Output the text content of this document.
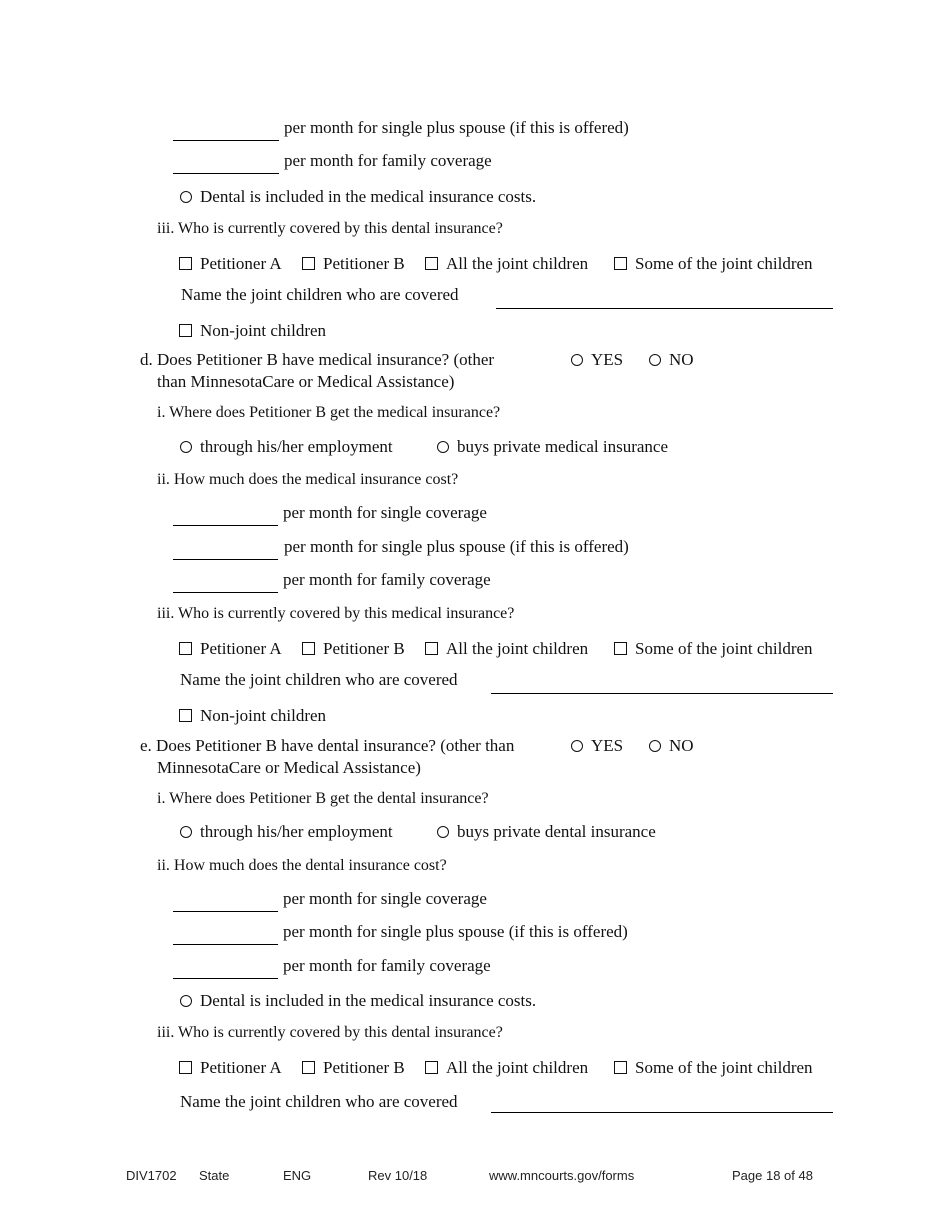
per month for single plus spouse (if this is offered)
per month for family coverage
Dental is included in the medical insurance costs.
iii. Who is currently covered by this dental insurance?
Petitioner A	Petitioner B	All the joint children	Some of the joint children
Name the joint children who are covered
Non-joint children
d. Does Petitioner B have medical insurance? (other
than MinnesotaCare or Medical Assistance)
YES	NO
i. Where does Petitioner B get the medical insurance?
through his/her employment	buys private medical insurance
ii. How much does the medical insurance cost?
per month for single coverage
per month for single plus spouse (if this is offered)
per month for family coverage
iii. Who is currently covered by this medical insurance?
Petitioner A	Petitioner B	All the joint children	Some of the joint children
Name the joint children who are covered
Non-joint children
e. Does Petitioner B have dental insurance? (other than
MinnesotaCare or Medical Assistance)
YES	NO
i. Where does Petitioner B get the dental insurance?
through his/her employment	buys private dental insurance
ii. How much does the dental insurance cost?
per month for single coverage
per month for single plus spouse (if this is offered)
per month for family coverage
Dental is included in the medical insurance costs.
iii. Who is currently covered by this dental insurance?
Petitioner A	Petitioner B	All the joint children	Some of the joint children
Name the joint children who are covered
DIV1702 State	ENG	Rev 10/18	www.mncourts.gov/forms	Page 18 of 48
